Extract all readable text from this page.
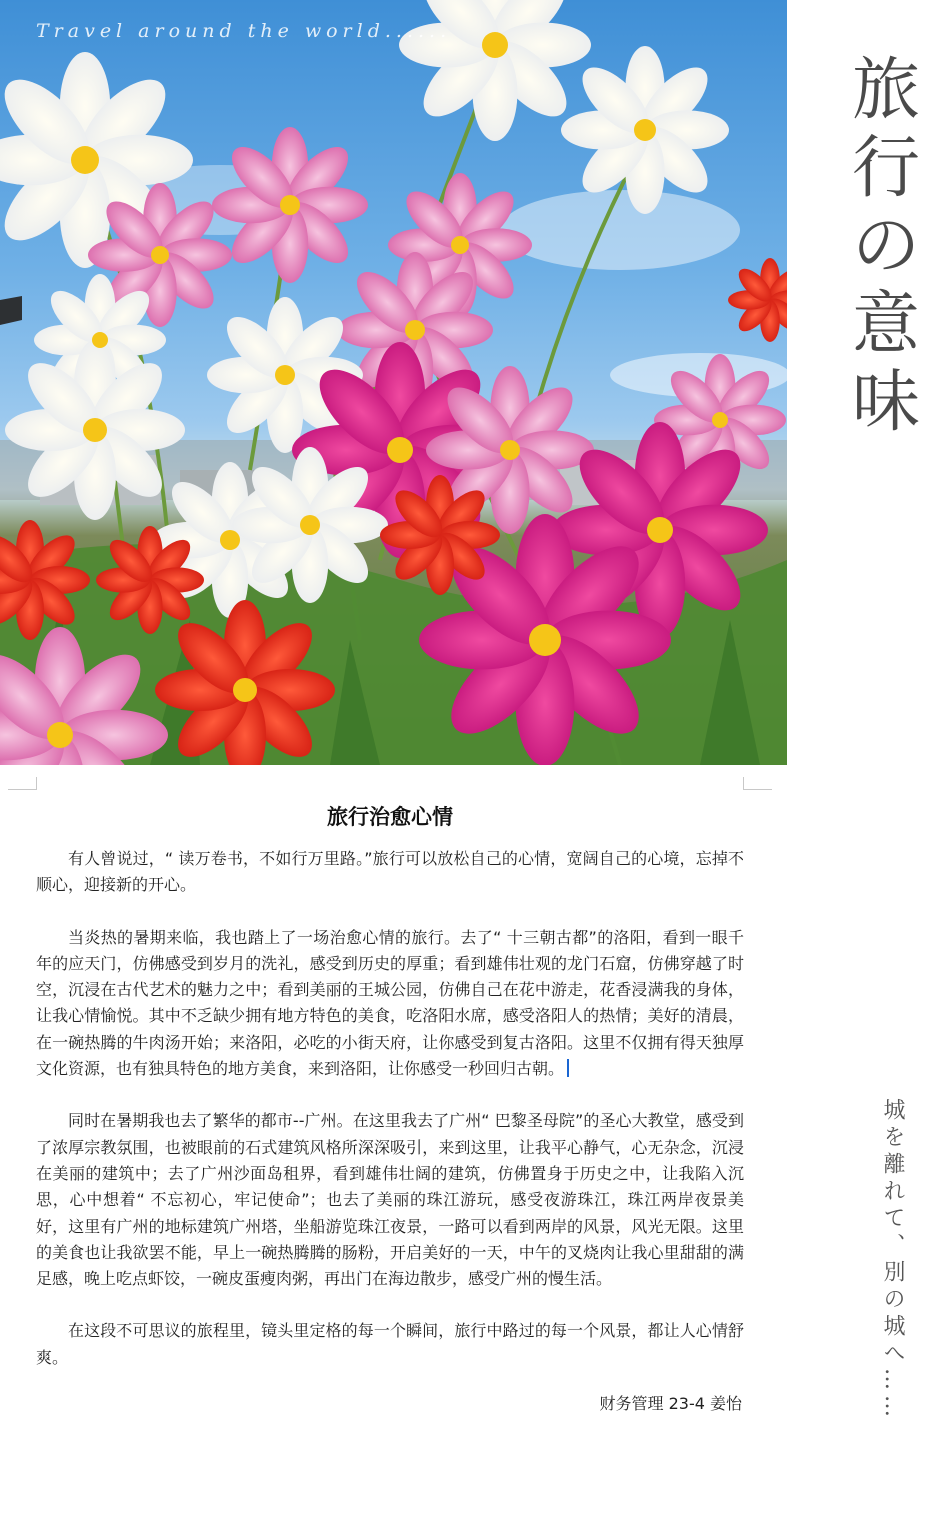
Travel around the world......
旅
行
の
意
味
城を離れて、別の城へ……
旅行治愈心情

有人曾说过，“ 读万卷书，不如行万里路。”旅行可以放松自己的心情，宽阔自己的心境，忘掉不顺心，迎接新的开心。

当炎热的暑期来临，我也踏上了一场治愈心情的旅行。去了“ 十三朝古都”的洛阳，看到一眼千年的应天门，仿佛感受到岁月的洗礼，感受到历史的厚重；看到雄伟壮观的龙门石窟，仿佛穿越了时空，沉浸在古代艺术的魅力之中；看到美丽的王城公园，仿佛自己在花中游走，花香浸满我的身体，让我心情愉悦。其中不乏缺少拥有地方特色的美食，吃洛阳水席，感受洛阳人的热情；美好的清晨，在一碗热腾的牛肉汤开始；来洛阳，必吃的小街天府，让你感受到复古洛阳。这里不仅拥有得天独厚文化资源，也有独具特色的地方美食，来到洛阳，让你感受一秒回归古朝。

同时在暑期我也去了繁华的都市--广州。在这里我去了广州“ 巴黎圣母院”的圣心大教堂，感受到了浓厚宗教氛围，也被眼前的石式建筑风格所深深吸引，来到这里，让我平心静气，心无杂念，沉浸在美丽的建筑中；去了广州沙面岛租界，看到雄伟壮阔的建筑，仿佛置身于历史之中，让我陷入沉思，心中想着“ 不忘初心，牢记使命”；也去了美丽的珠江游玩，感受夜游珠江，珠江两岸夜景美好，这里有广州的地标建筑广州塔，坐船游览珠江夜景，一路可以看到两岸的风景，风光无限。这里的美食也让我欲罢不能，早上一碗热腾腾的肠粉，开启美好的一天，中午的叉烧肉让我心里甜甜的满足感，晚上吃点虾饺，一碗皮蛋瘦肉粥，再出门在海边散步，感受广州的慢生活。

在这段不可思议的旅程里，镜头里定格的每一个瞬间，旅行中路过的每一个风景，都让人心情舒爽。

财务管理 23-4 姜怡
